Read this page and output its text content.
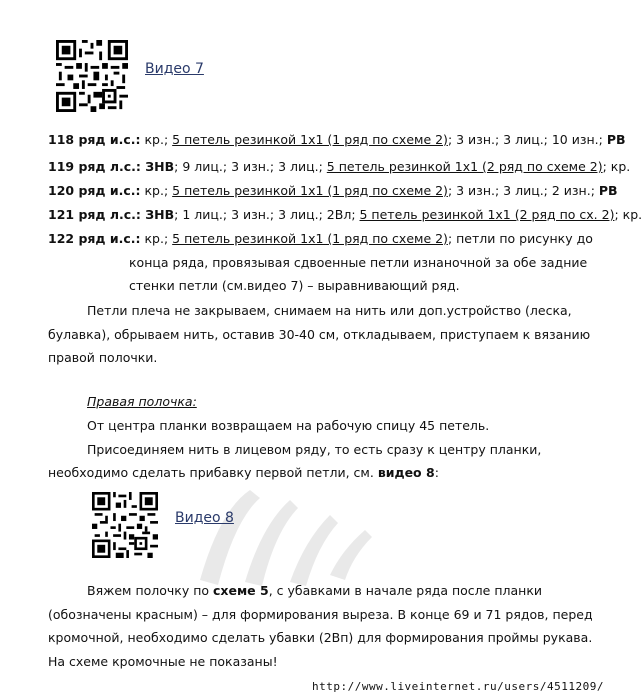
Видео 7
118 ряд и.с.: кр.; 5 петель резинкой 1х1 (1 ряд по схеме 2); 3 изн.; 3 лиц.; 10 изн.; РВ
119 ряд л.с.: ЗНВ; 9 лиц.; 3 изн.; 3 лиц.; 5 петель резинкой 1х1 (2 ряд по схеме 2); кр.
120 ряд и.с.: кр.; 5 петель резинкой 1х1 (1 ряд по схеме 2); 3 изн.; 3 лиц.; 2 изн.; РВ
121 ряд л.с.: ЗНВ; 1 лиц.; 3 изн.; 3 лиц.; 2Вл; 5 петель резинкой 1х1 (2 ряд по сх. 2); кр.
122 ряд и.с.: кр.; 5 петель резинкой 1х1 (1 ряд по схеме 2); петли по рисунку до
конца ряда, провязывая сдвоенные петли изнаночной за обе задние
стенки петли (см.видео 7) – выравнивающий ряд.
Петли плеча не закрываем, снимаем на нить или доп.устройство (леска,
булавка), обрываем нить, оставив 30-40 см, откладываем, приступаем к вязанию
правой полочки.
Правая полочка:
От центра планки возвращаем на рабочую спицу 45 петель.
Присоединяем нить в лицевом ряду, то есть сразу к центру планки,
необходимо сделать прибавку первой петли, см. видео 8:
Видео 8
Вяжем полочку по схеме 5, с убавками в начале ряда после планки
(обозначены красным) – для формирования выреза. В конце 69 и 71 рядов, перед
кромочной, необходимо сделать убавки (2Вп) для формирования проймы рукава.
На схеме кромочные не показаны!
http://www.liveinternet.ru/users/4511209/
